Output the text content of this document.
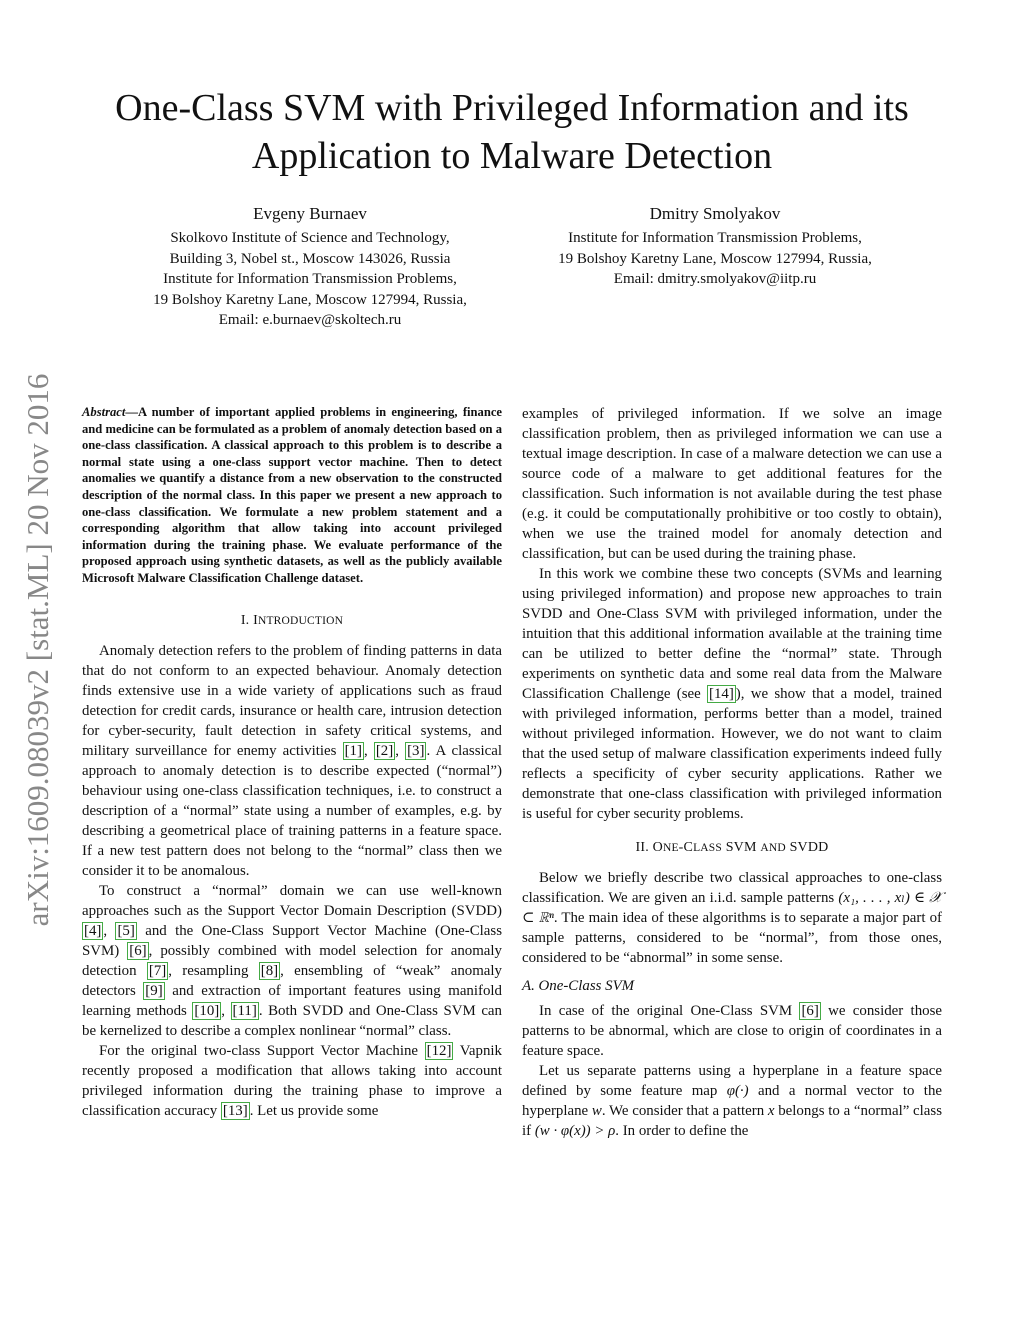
arXiv:1609.08039v2 [stat.ML] 20 Nov 2016
One-Class SVM with Privileged Information and its
Application to Malware Detection
Evgeny Burnaev
Skolkovo Institute of Science and Technology,
Building 3, Nobel st., Moscow 143026, Russia
Institute for Information Transmission Problems,
19 Bolshoy Karetny Lane, Moscow 127994, Russia,
Email: e.burnaev@skoltech.ru
Dmitry Smolyakov
Institute for Information Transmission Problems,
19 Bolshoy Karetny Lane, Moscow 127994, Russia,
Email: dmitry.smolyakov@iitp.ru

Abstract—A number of important applied problems in engineering, finance and medicine can be formulated as a problem of anomaly detection based on a one-class classification. A classical approach to this problem is to describe a normal state using a one-class support vector machine. Then to detect anomalies we quantify a distance from a new observation to the constructed description of the normal class. In this paper we present a new approach to one-class classification. We formulate a new problem statement and a corresponding algorithm that allow taking into account privileged information during the training phase. We evaluate performance of the proposed approach using synthetic datasets, as well as the publicly available Microsoft Malware Classification Challenge dataset.

I. INTRODUCTION

Anomaly detection refers to the problem of finding patterns in data that do not conform to an expected behaviour. Anomaly detection finds extensive use in a wide variety of applications such as fraud detection for credit cards, insurance or health care, intrusion detection for cyber-security, fault detection in safety critical systems, and military surveillance for enemy activities [1] , [2] , [3] . A classical approach to anomaly detection is to describe expected (“normal”) behaviour using one-class classification techniques, i.e. to construct a description of a “normal” state using a number of examples, e.g. by describing a geometrical place of training patterns in a feature space. If a new test pattern does not belong to the “normal” class then we consider it to be anomalous.

To construct a “normal” domain we can use well-known approaches such as the Support Vector Domain Description (SVDD) [4] , [5] and the One-Class Support Vector Machine (One-Class SVM) [6] , possibly combined with model selection for anomaly detection [7] , resampling [8] , ensembling of “weak” anomaly detectors [9] and extraction of important features using manifold learning methods [10] , [11] . Both SVDD and One-Class SVM can be kernelized to describe a complex nonlinear “normal” class.

For the original two-class Support Vector Machine [12] Vapnik recently proposed a modification that allows taking into account privileged information during the training phase to improve a classification accuracy [13] . Let us provide some

examples of privileged information. If we solve an image classification problem, then as privileged information we can use a textual image description. In case of a malware detection we can use a source code of a malware to get additional features for the classification. Such information is not available during the test phase (e.g. it could be computationally prohibitive or too costly to obtain), when we use the trained model for anomaly detection and classification, but can be used during the training phase.

In this work we combine these two concepts (SVMs and learning using privileged information) and propose new approaches to train SVDD and One-Class SVM with privileged information, under the intuition that this additional information available at the training time can be utilized to better define the “normal” state. Through experiments on synthetic data and some real data from the Malware Classification Challenge (see [14] ), we show that a model, trained with privileged information, performs better than a model, trained without privileged information. However, we do not want to claim that the used setup of malware classification experiments indeed fully reflects a specificity of cyber security applications. Rather we demonstrate that one-class classification with privileged information is useful for cyber security problems.

II. ONE-CLASS SVM AND SVDD

Below we briefly describe two classical approaches to one-class classification. We are given an i.i.d. sample patterns (x₁, . . . , xₗ) ∈ 𝒳 ⊂ ℝⁿ. The main idea of these algorithms is to separate a major part of sample patterns, considered to be “normal”, from those ones, considered to be “abnormal” in some sense.

A. One-Class SVM

In case of the original One-Class SVM [6] we consider those patterns to be abnormal, which are close to origin of coordinates in a feature space.

Let us separate patterns using a hyperplane in a feature space defined by some feature map φ(·) and a normal vector to the hyperplane w. We consider that a pattern x belongs to a “normal” class if (w · φ(x)) > ρ. In order to define the
